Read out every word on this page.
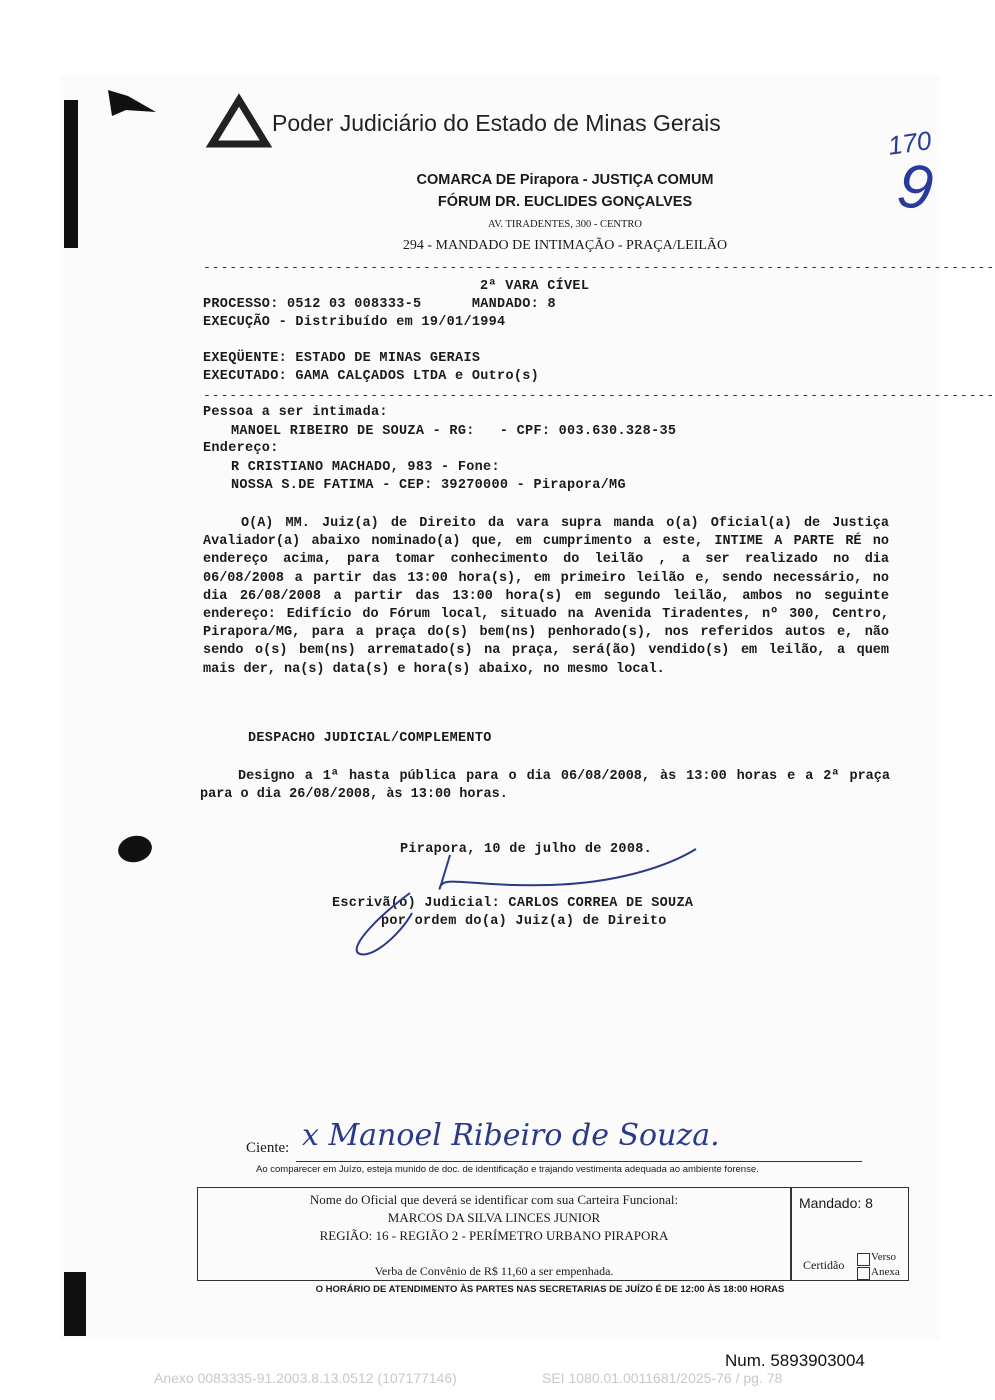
Poder Judiciário do Estado de Minas Gerais
170
9
COMARCA DE Pirapora - JUSTIÇA COMUM
FÓRUM DR. EUCLIDES GONÇALVES
AV. TIRADENTES, 300 - CENTRO
294 - MANDADO DE INTIMAÇÃO - PRAÇA/LEILÃO
------------------------------------------------------------------------------------------
2ª VARA CÍVEL
PROCESSO: 0512 03 008333-5      MANDADO: 8
EXECUÇÃO - Distribuído em 19/01/1994
EXEQÜENTE: ESTADO DE MINAS GERAIS
EXECUTADO: GAMA CALÇADOS LTDA e Outro(s)
------------------------------------------------------------------------------------------
Pessoa a ser intimada:
MANOEL RIBEIRO DE SOUZA - RG:   - CPF: 003.630.328-35
Endereço:
R CRISTIANO MACHADO, 983 - Fone:
NOSSA S.DE FATIMA - CEP: 39270000 - Pirapora/MG
O(A) MM. Juiz(a) de Direito da vara supra manda o(a) Oficial(a) de Justiça Avaliador(a) abaixo nominado(a) que, em cumprimento a este, INTIME A PARTE RÉ no endereço acima, para tomar conhecimento do leilão , a ser realizado no dia 06/08/2008 a partir das 13:00 hora(s), em primeiro leilão e, sendo necessário, no dia 26/08/2008 a partir das 13:00 hora(s) em segundo leilão, ambos no seguinte endereço: Edifício do Fórum local, situado na Avenida Tiradentes, nº 300, Centro, Pirapora/MG, para a praça do(s) bem(ns) penhorado(s), nos referidos autos e, não sendo o(s) bem(ns) arrematado(s) na praça, será(ão) vendido(s) em leilão, a quem mais der, na(s) data(s) e hora(s) abaixo, no mesmo local.
DESPACHO JUDICIAL/COMPLEMENTO
Designo a 1ª hasta pública para o dia 06/08/2008, às 13:00 horas e a 2ª praça para o dia 26/08/2008, às 13:00 horas.
Pirapora, 10 de julho de 2008.
Escrivã(o) Judicial: CARLOS CORREA DE SOUZA
por ordem do(a) Juiz(a) de Direito
Ciente: x Manoel Ribeiro de Souza.
Ao comparecer em Juízo, esteja munido de doc. de identificação e trajando vestimenta adequada ao ambiente forense.
Nome do Oficial que deverá se identificar com sua Carteira Funcional:
MARCOS DA SILVA LINCES JUNIOR
REGIÃO: 16 - REGIÃO 2 - PERÍMETRO URBANO PIRAPORA
Verba de Convênio de R$ 11,60 a ser empenhada.
Mandado: 8
Certidão
Verso
Anexa
O HORÁRIO DE ATENDIMENTO ÀS PARTES NAS SECRETARIAS DE JUÍZO É DE 12:00 ÀS 18:00 HORAS
Num. 5893903004
Anexo 0083335-91.2003.8.13.0512 (107177146)	SEI 1080.01.0011681/2025-76 / pg. 78
